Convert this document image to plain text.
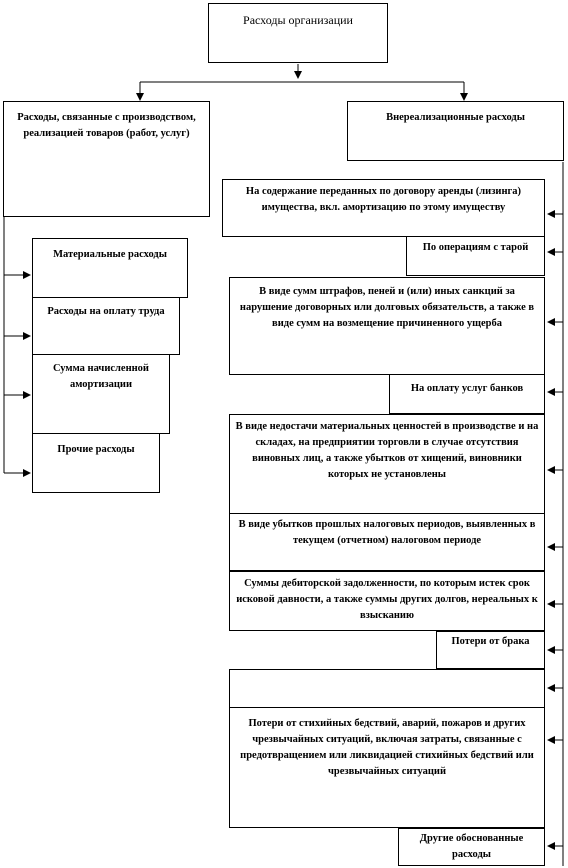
Расходы организации
Расходы, связанные с производством, реализацией товаров (работ, услуг)
Материальные расходы
Расходы на оплату труда
Сумма начисленной амортизации
Прочие расходы
Внереализационные расходы
На содержание переданных по договору аренды (лизинга) имущества, вкл. амортизацию по этому имуществу
По операциям с тарой
В виде сумм штрафов, пеней и (или) иных санкций за нарушение договорных или долговых обязательств, а также в виде сумм на возмещение причиненного ущерба
На оплату услуг банков
В виде недостачи материальных ценностей в производстве и на складах, на предприятии торговли в случае отсутствия виновных лиц, а также убытков от хищений, виновники которых не установлены
В виде убытков прошлых налоговых периодов, выявленных в текущем (отчетном) налоговом периоде
Суммы дебиторской задолженности, по которым истек срок исковой давности, а также суммы других долгов, нереальных к взысканию
Потери от брака
Потери от стихийных бедствий, аварий, пожаров и других чрезвычайных ситуаций, включая затраты, связанные с предотвращением или ликвидацией стихийных бедствий или чрезвычайных ситуаций
Другие обоснованные расходы
